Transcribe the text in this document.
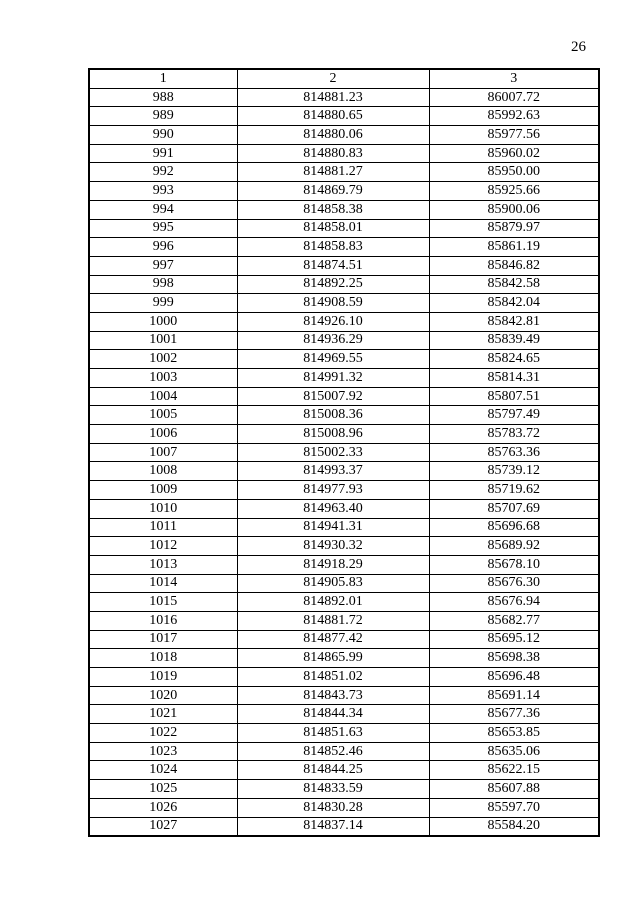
26
1	2	3
988	814881.23	86007.72
989	814880.65	85992.63
990	814880.06	85977.56
991	814880.83	85960.02
992	814881.27	85950.00
993	814869.79	85925.66
994	814858.38	85900.06
995	814858.01	85879.97
996	814858.83	85861.19
997	814874.51	85846.82
998	814892.25	85842.58
999	814908.59	85842.04
1000	814926.10	85842.81
1001	814936.29	85839.49
1002	814969.55	85824.65
1003	814991.32	85814.31
1004	815007.92	85807.51
1005	815008.36	85797.49
1006	815008.96	85783.72
1007	815002.33	85763.36
1008	814993.37	85739.12
1009	814977.93	85719.62
1010	814963.40	85707.69
1011	814941.31	85696.68
1012	814930.32	85689.92
1013	814918.29	85678.10
1014	814905.83	85676.30
1015	814892.01	85676.94
1016	814881.72	85682.77
1017	814877.42	85695.12
1018	814865.99	85698.38
1019	814851.02	85696.48
1020	814843.73	85691.14
1021	814844.34	85677.36
1022	814851.63	85653.85
1023	814852.46	85635.06
1024	814844.25	85622.15
1025	814833.59	85607.88
1026	814830.28	85597.70
1027	814837.14	85584.20
